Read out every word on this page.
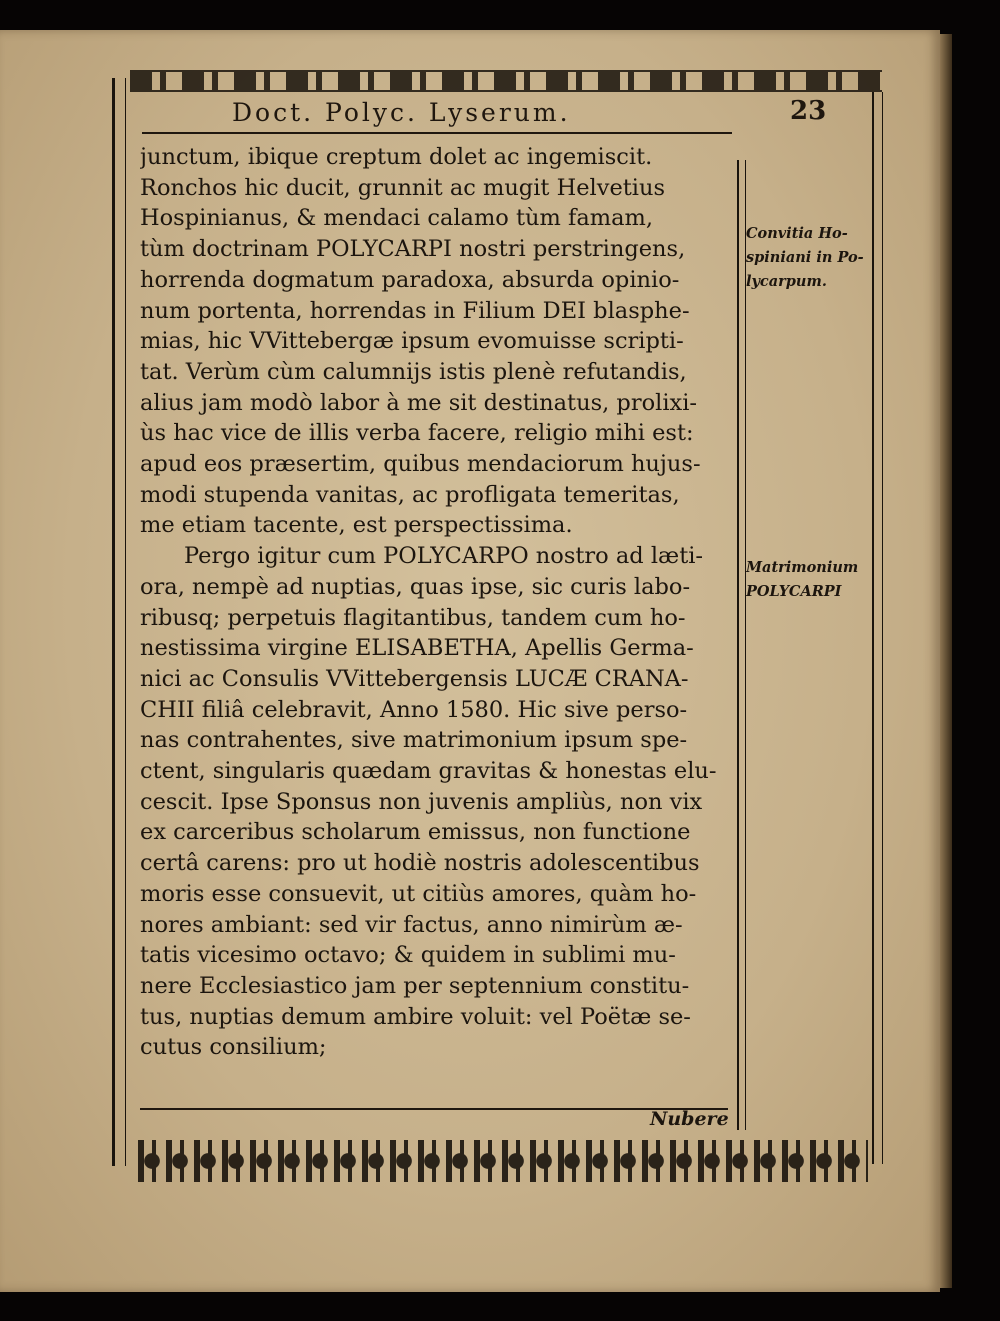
Doct. Polyc. Lyserum.	23
junctum, ibique creptum dolet ac ingemiscit.
Ronchos hic ducit, grunnit ac mugit Helvetius
Hospinianus, & mendaci calamo tùm famam,
tùm doctrinam POLYCARPI nostri perstringens,
horrenda dogmatum paradoxa, absurda opinio-
num portenta, horrendas in Filium DEI blasphe-
mias, hic VVittebergæ ipsum evomuisse scripti-
tat. Verùm cùm calumnijs istis plenè refutandis,
alius jam modò labor à me sit destinatus, prolixi-
ùs hac vice de illis verba facere, religio mihi est:
apud eos præsertim, quibus mendaciorum hujus-
modi stupenda vanitas, ac profligata temeritas,
me etiam tacente, est perspectissima.
Pergo igitur cum POLYCARPO nostro ad læti-
ora, nempè ad nuptias, quas ipse, sic curis labo-
ribusq; perpetuis flagitantibus, tandem cum ho-
nestissima virgine ELISABETHA, Apellis Germa-
nici ac Consulis VVittebergensis LUCÆ CRANA-
CHII filiâ celebravit, Anno 1580. Hic sive perso-
nas contrahentes, sive matrimonium ipsum spe-
ctent, singularis quædam gravitas & honestas elu-
cescit. Ipse Sponsus non juvenis ampliùs, non vix
ex carceribus scholarum emissus, non functione
certâ carens: pro ut hodiè nostris adolescentibus
moris esse consuevit, ut citiùs amores, quàm ho-
nores ambiant: sed vir factus, anno nimirùm æ-
tatis vicesimo octavo; & quidem in sublimi mu-
nere Ecclesiastico jam per septennium constitu-
tus, nuptias demum ambire voluit: vel Poëtæ se-
cutus consilium;
Convitia Ho-
spiniani in Po-
lycarpum.
Matrimonium
POLYCARPI
Nubere
